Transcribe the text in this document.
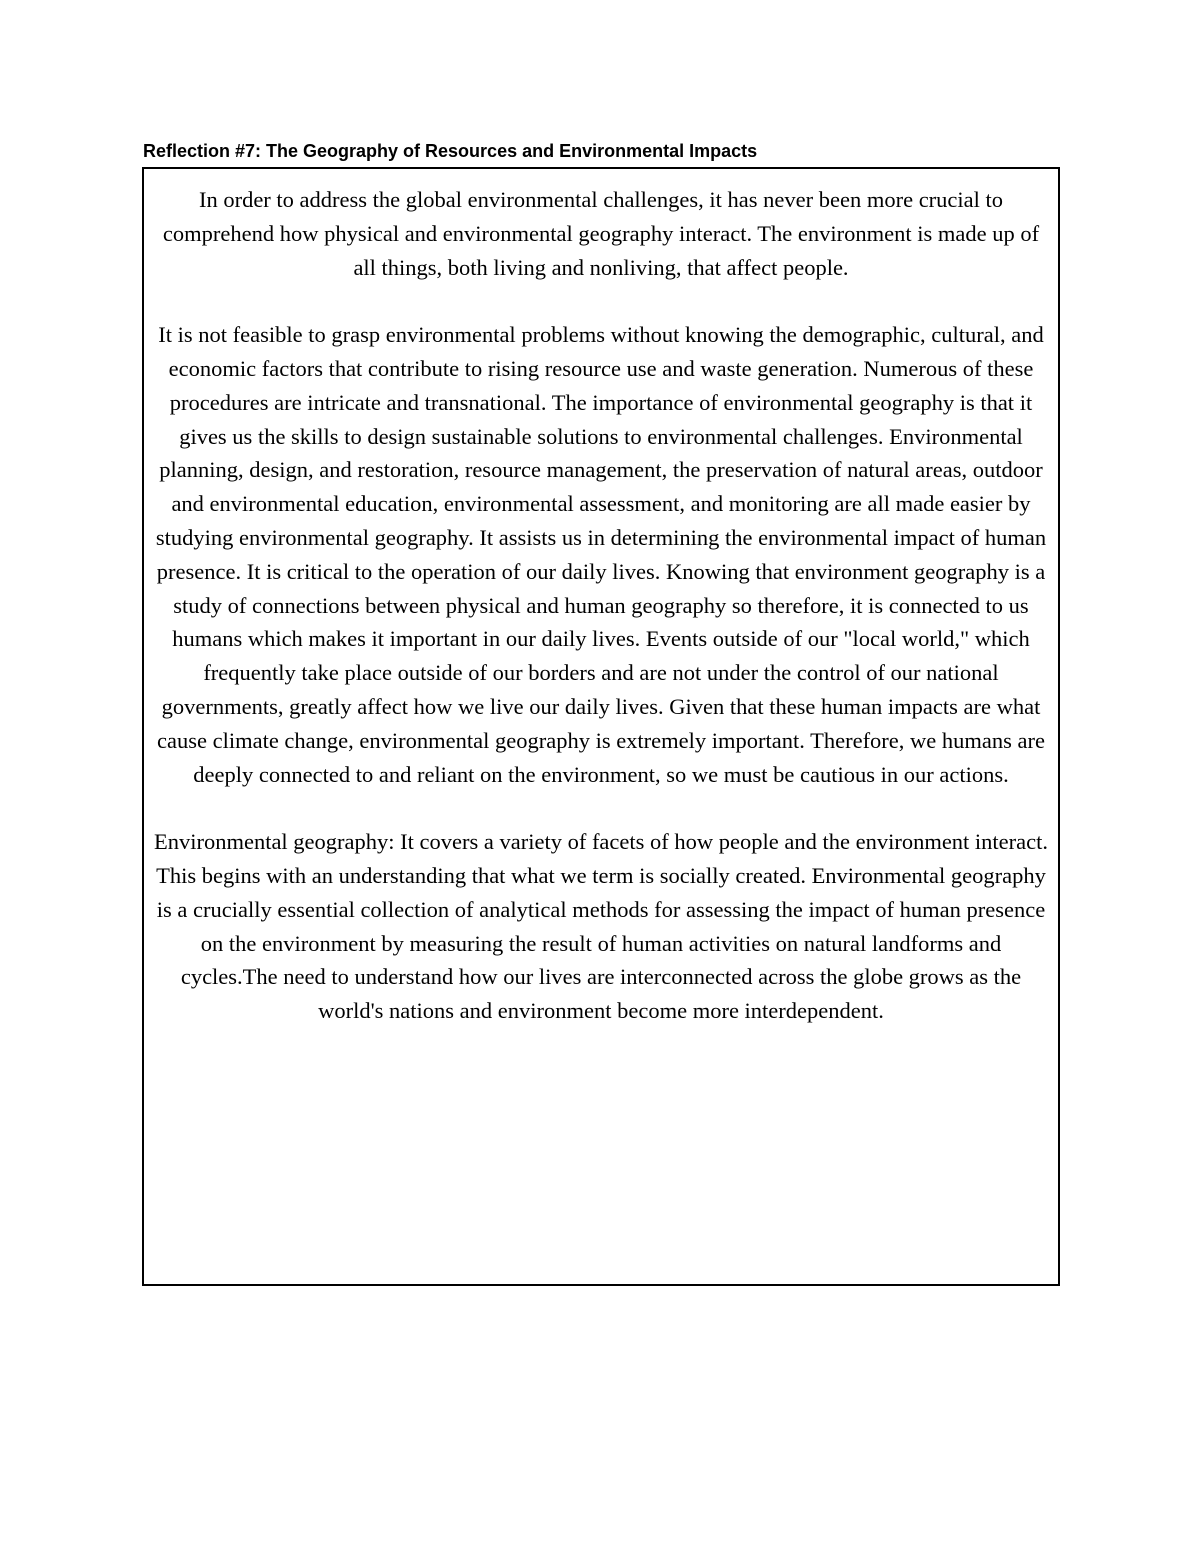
Reflection #7: The Geography of Resources and Environmental Impacts

In order to address the global environmental challenges, it has never been more crucial to comprehend how physical and environmental geography interact. The environment is made up of all things, both living and nonliving, that affect people.

It is not feasible to grasp environmental problems without knowing the demographic, cultural, and economic factors that contribute to rising resource use and waste generation. Numerous of these procedures are intricate and transnational. The importance of environmental geography is that it gives us the skills to design sustainable solutions to environmental challenges. Environmental planning, design, and restoration, resource management, the preservation of natural areas, outdoor and environmental education, environmental assessment, and monitoring are all made easier by studying environmental geography. It assists us in determining the environmental impact of human presence. It is critical to the operation of our daily lives. Knowing that environment geography is a study of connections between physical and human geography so therefore, it is connected to us humans which makes it important in our daily lives. Events outside of our "local world," which frequently take place outside of our borders and are not under the control of our national governments, greatly affect how we live our daily lives. Given that these human impacts are what cause climate change, environmental geography is extremely important. Therefore, we humans are deeply connected to and reliant on the environment, so we must be cautious in our actions.

Environmental geography: It covers a variety of facets of how people and the environment interact. This begins with an understanding that what we term is socially created. Environmental geography is a crucially essential collection of analytical methods for assessing the impact of human presence on the environment by measuring the result of human activities on natural landforms and cycles.The need to understand how our lives are interconnected across the globe grows as the world's nations and environment become more interdependent.
